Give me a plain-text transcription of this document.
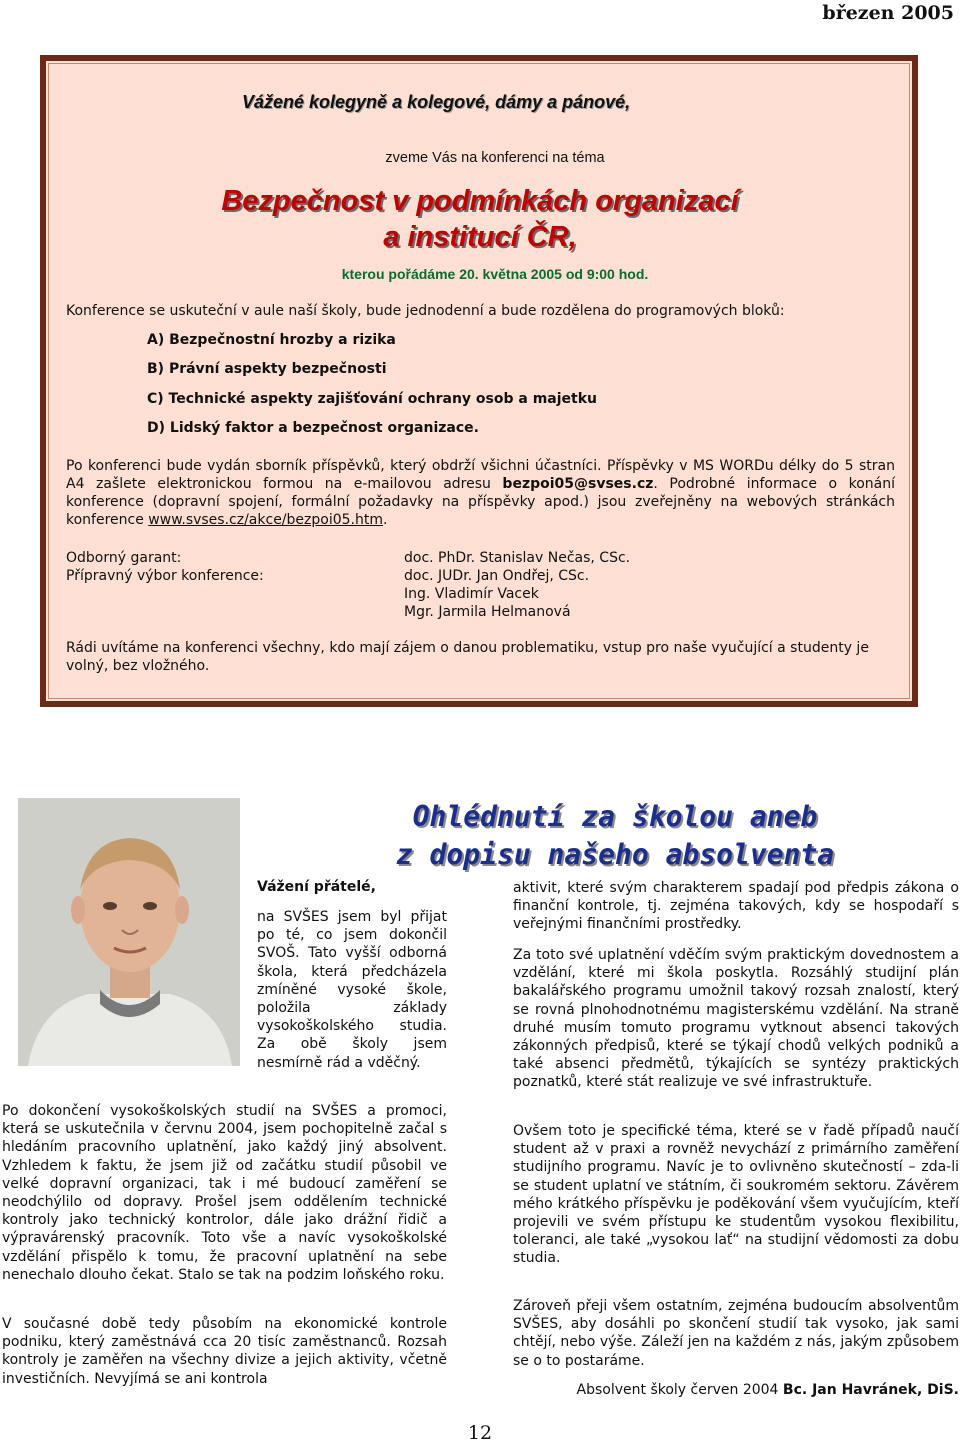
březen 2005
Vážené kolegyně a kolegové, dámy a pánové,
zveme Vás na konferenci na téma
Bezpečnost v podmínkách organizací
a institucí ČR,
kterou pořádáme 20. května 2005 od 9:00 hod.
Konference se uskuteční v aule naší školy, bude jednodenní a bude rozdělena do programových bloků:
A) Bezpečnostní hrozby a rizika
B) Právní aspekty bezpečnosti
C) Technické aspekty zajišťování ochrany osob a majetku
D) Lidský faktor a bezpečnost organizace.
Po konferenci bude vydán sborník příspěvků, který obdrží všichni účastníci. Příspěvky v MS WORDu délky do 5 stran A4 zašlete elektronickou formou na e-mailovou adresu bezpoi05@svses.cz. Podrobné informace o konání konference (dopravní spojení, formální požadavky na příspěvky apod.) jsou zveřejněny na webových stránkách konference www.svses.cz/akce/bezpoi05.htm.
Odborný garant:
Přípravný výbor konference:
doc. PhDr. Stanislav Nečas, CSc.
doc. JUDr. Jan Ondřej, CSc.
Ing. Vladimír Vacek
Mgr. Jarmila Helmanová
Rádi uvítáme na konferenci všechny, kdo mají zájem o danou problematiku, vstup pro naše vyučující a studenty je volný, bez vložného.
Ohlédnutí za školou aneb
z dopisu našeho absolventa
Vážení přátelé,
na SVŠES jsem byl přijat po té, co jsem dokončil SVOŠ. Tato vyšší odborná škola, která předcházela zmíněné vysoké škole, položila základy vysokoškolského studia. Za obě školy jsem nesmírně rád a vděčný.
Po dokončení vysokoškolských studií na SVŠES a promoci, která se uskutečnila v červnu 2004, jsem pochopitelně začal s hledáním pracovního uplatnění, jako každý jiný absolvent. Vzhledem k faktu, že jsem již od začátku studií působil ve velké dopravní organizaci, tak i mé budoucí zaměření se neodchýlilo od dopravy. Prošel jsem oddělením technické kontroly jako technický kontrolor, dále jako drážní řidič a výpravárenský pracovník. Toto vše a navíc vysokoškolské vzdělání přispělo k tomu, že pracovní uplatnění na sebe nenechalo dlouho čekat. Stalo se tak na podzim loňského roku.
V současné době tedy působím na ekonomické kontrole podniku, který zaměstnává cca 20 tisíc zaměstnanců. Rozsah kontroly je zaměřen na všechny divize a jejich aktivity, včetně investičních. Nevyjímá se ani kontrola
aktivit, které svým charakterem spadají pod předpis zákona o finanční kontrole, tj. zejména takových, kdy se hospodaří s veřejnými finančními prostředky.
Za toto své uplatnění vděčím svým praktickým dovednostem a vzdělání, které mi škola poskytla. Rozsáhlý studijní plán bakalářského programu umožnil takový rozsah znalostí, který se rovná plnohodnotnému magisterskému vzdělání. Na straně druhé musím tomuto programu vytknout absenci takových zákonných předpisů, které se týkají chodů velkých podniků a také absenci předmětů, týkajících se syntézy praktických poznatků, které stát realizuje ve své infrastruktuře.
Ovšem toto je specifické téma, které se v řadě případů naučí student až v praxi a rovněž nevychází z primárního zaměření studijního programu. Navíc je to ovlivněno skutečností – zda-li se student uplatní ve státním, či soukromém sektoru. Závěrem mého krátkého příspěvku je poděkování všem vyučujícím, kteří projevili ve svém přístupu ke studentům vysokou flexibilitu, toleranci, ale také „vysokou lať“ na studijní vědomosti za dobu studia.
Zároveň přeji všem ostatním, zejména budoucím absolventům SVŠES, aby dosáhli po skončení studií tak vysoko, jak sami chtějí, nebo výše. Záleží jen na každém z nás, jakým způsobem se o to postaráme.
Absolvent školy červen 2004 Bc. Jan Havránek, DiS.
12
